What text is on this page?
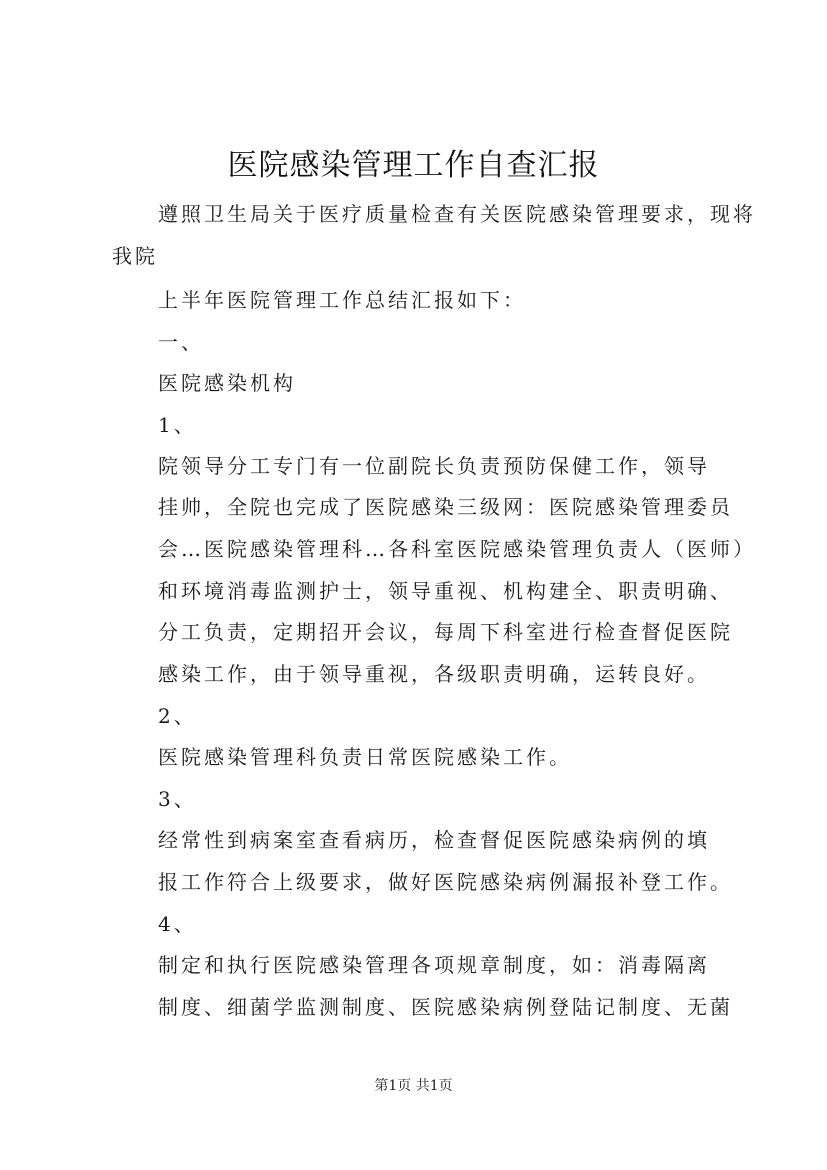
医院感染管理工作自查汇报
遵照卫生局关于医疗质量检查有关医院感染管理要求，现将
我院
上半年医院管理工作总结汇报如下：
一、
医院感染机构
1、
院领导分工专门有一位副院长负责预防保健工作，领导
挂帅，全院也完成了医院感染三级网：医院感染管理委员
会…医院感染管理科…各科室医院感染管理负责人（医师）
和环境消毒监测护士，领导重视、机构建全、职责明确、
分工负责，定期招开会议，每周下科室进行检查督促医院
感染工作，由于领导重视，各级职责明确，运转良好。
2、
医院感染管理科负责日常医院感染工作。
3、
经常性到病案室查看病历，检查督促医院感染病例的填
报工作符合上级要求，做好医院感染病例漏报补登工作。
4、
制定和执行医院感染管理各项规章制度，如：消毒隔离
制度、细菌学监测制度、医院感染病例登陆记制度、无菌
第1页 共1页
